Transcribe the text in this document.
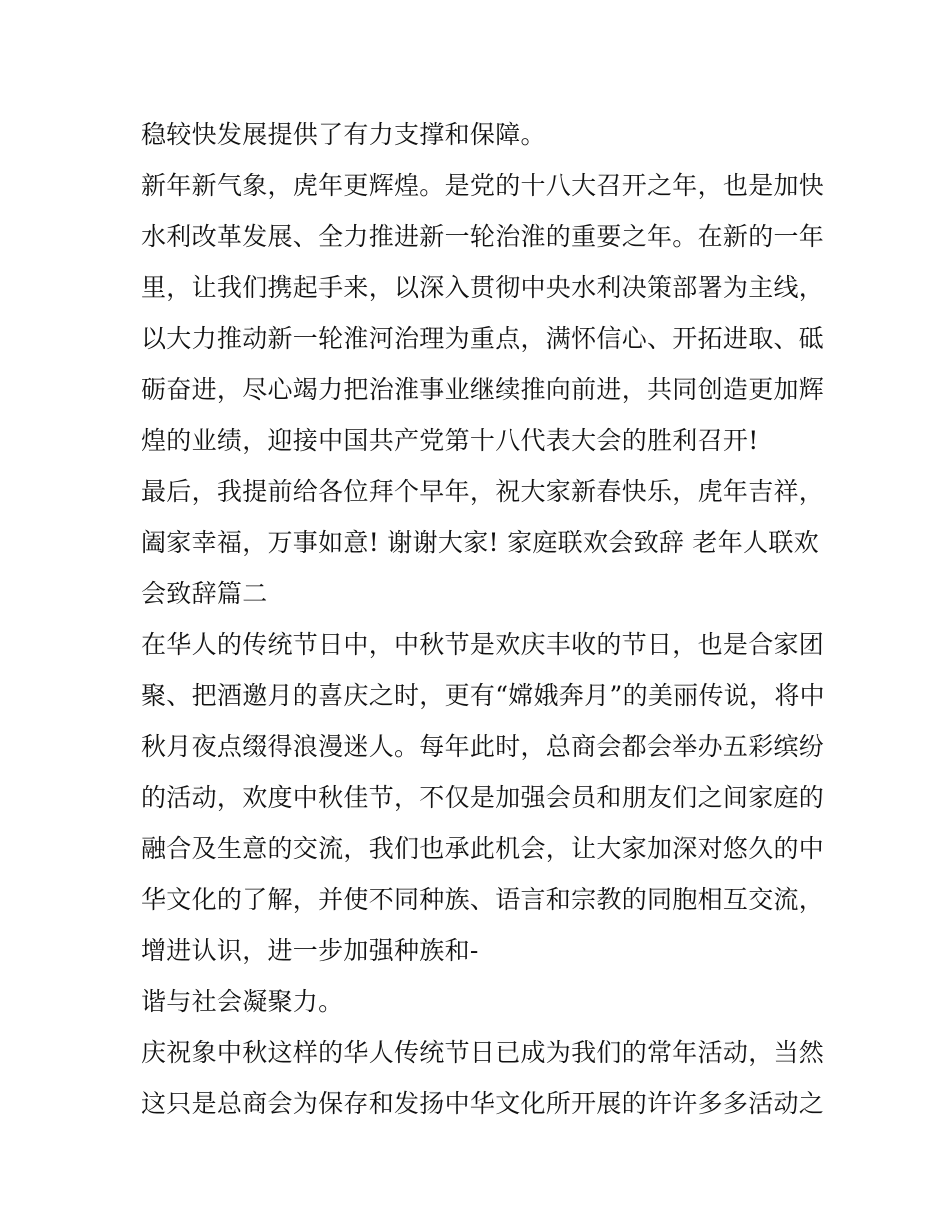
稳较快发展提供了有力支撑和保障。
新年新气象，虎年更辉煌。是党的十八大召开之年，也是加快
水利改革发展、全力推进新一轮治淮的重要之年。在新的一年
里，让我们携起手来，以深入贯彻中央水利决策部署为主线，
以大力推动新一轮淮河治理为重点，满怀信心、开拓进取、砥
砺奋进，尽心竭力把治淮事业继续推向前进，共同创造更加辉
煌的业绩，迎接中国共产党第十八代表大会的胜利召开!
最后，我提前给各位拜个早年，祝大家新春快乐，虎年吉祥，
阖家幸福，万事如意! 谢谢大家! 家庭联欢会致辞 老年人联欢
会致辞篇二
在华人的传统节日中，中秋节是欢庆丰收的节日，也是合家团
聚、把酒邀月的喜庆之时，更有“嫦娥奔月”的美丽传说，将中
秋月夜点缀得浪漫迷人。每年此时，总商会都会举办五彩缤纷
的活动，欢度中秋佳节，不仅是加强会员和朋友们之间家庭的
融合及生意的交流，我们也承此机会，让大家加深对悠久的中
华文化的了解，并使不同种族、语言和宗教的同胞相互交流，
增进认识，进一步加强种族和-
谐与社会凝聚力。
庆祝象中秋这样的华人传统节日已成为我们的常年活动，当然
这只是总商会为保存和发扬中华文化所开展的许许多多活动之
